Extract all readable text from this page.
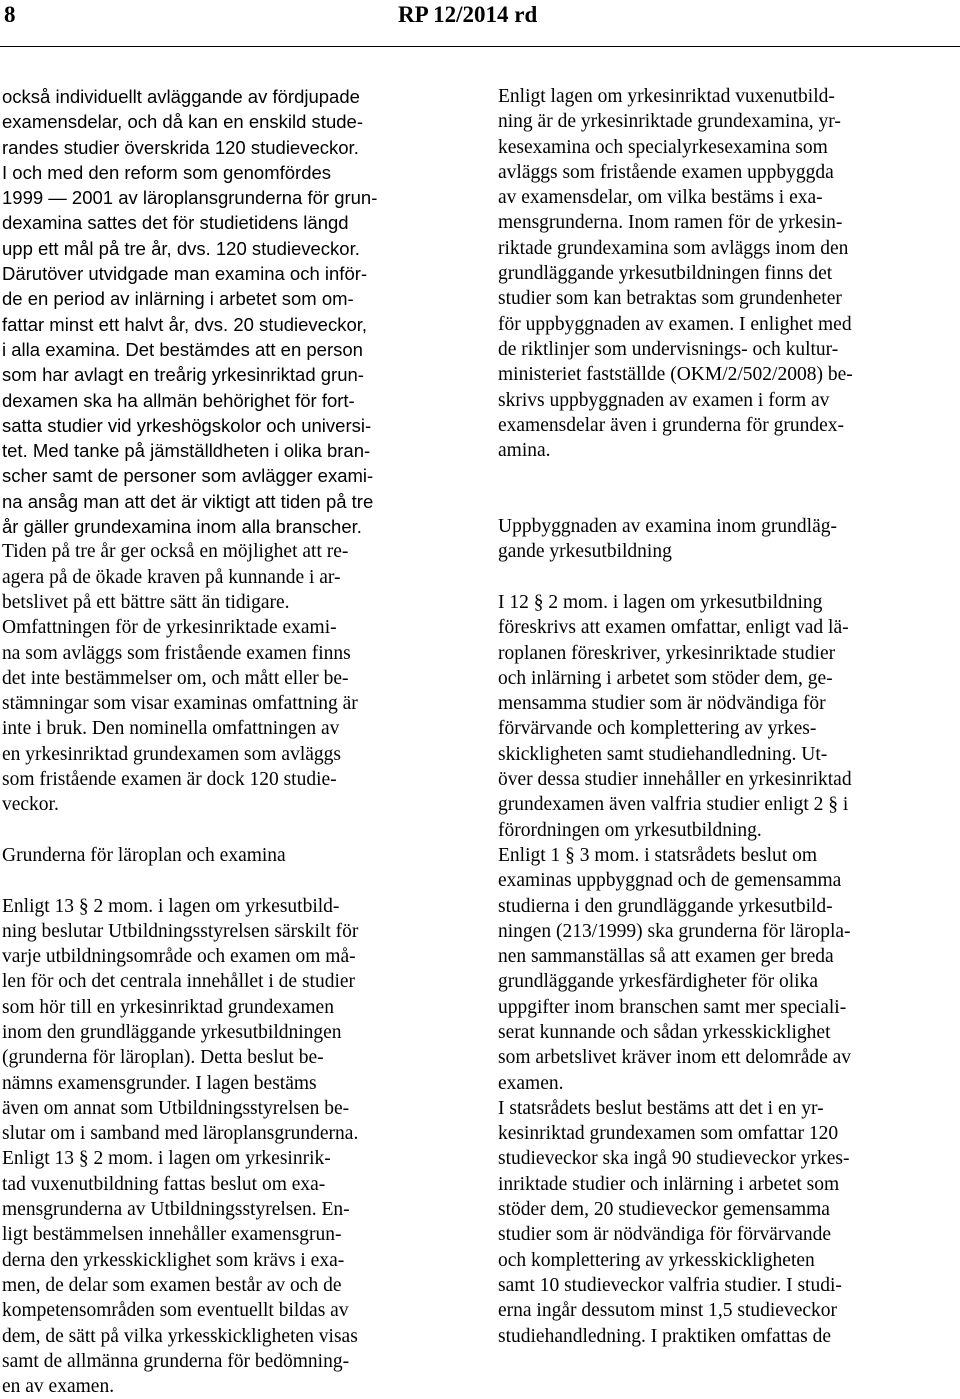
8	RP 12/2014 rd
också individuellt avläggande av fördjupade
examensdelar, och då kan en enskild stude-
randes studier överskrida 120 studieveckor.
I och med den reform som genomfördes
1999 — 2001 av läroplansgrunderna för grun-
dexamina sattes det för studietidens längd
upp ett mål på tre år, dvs. 120 studieveckor.
Därutöver utvidgade man examina och inför-
de en period av inlärning i arbetet som om-
fattar minst ett halvt år, dvs. 20 studieveckor,
i alla examina. Det bestämdes att en person
som har avlagt en treårig yrkesinriktad grun-
dexamen ska ha allmän behörighet för fort-
satta studier vid yrkeshögskolor och universi-
tet. Med tanke på jämställdheten i olika bran-
scher samt de personer som avlägger exami-
na ansåg man att det är viktigt att tiden på tre
år gäller grundexamina inom alla branscher.
Tiden på tre år ger också en möjlighet att re-
agera på de ökade kraven på kunnande i ar-
betslivet på ett bättre sätt än tidigare.
Omfattningen för de yrkesinriktade exami-
na som avläggs som fristående examen finns
det inte bestämmelser om, och mått eller be-
stämningar som visar examinas omfattning är
inte i bruk. Den nominella omfattningen av
en yrkesinriktad grundexamen som avläggs
som fristående examen är dock 120 studie-
veckor.

Grunderna för läroplan och examina

Enligt 13 § 2 mom. i lagen om yrkesutbild-
ning beslutar Utbildningsstyrelsen särskilt för
varje utbildningsområde och examen om må-
len för och det centrala innehållet i de studier
som hör till en yrkesinriktad grundexamen
inom den grundläggande yrkesutbildningen
(grunderna för läroplan). Detta beslut be-
nämns examensgrunder. I lagen bestäms
även om annat som Utbildningsstyrelsen be-
slutar om i samband med läroplansgrunderna.
Enligt 13 § 2 mom. i lagen om yrkesinrik-
tad vuxenutbildning fattas beslut om exa-
mensgrunderna av Utbildningsstyrelsen. En-
ligt bestämmelsen innehåller examensgrun-
derna den yrkesskicklighet som krävs i exa-
men, de delar som examen består av och de
kompetensområden som eventuellt bildas av
dem, de sätt på vilka yrkesskickligheten visas
samt de allmänna grunderna för bedömning-
en av examen.
Enligt lagen om yrkesinriktad vuxenutbild-
ning är de yrkesinriktade grundexamina, yr-
kesexamina och specialyrkesexamina som
avläggs som fristående examen uppbyggda
av examensdelar, om vilka bestäms i exa-
mensgrunderna. Inom ramen för de yrkesin-
riktade grundexamina som avläggs inom den
grundläggande yrkesutbildningen finns det
studier som kan betraktas som grundenheter
för uppbyggnaden av examen. I enlighet med
de riktlinjer som undervisnings- och kultur-
ministeriet fastställde (OKM/2/502/2008) be-
skrivs uppbyggnaden av examen i form av
examensdelar även i grunderna för grundex-
amina.

Uppbyggnaden av examina inom grundläg-
gande yrkesutbildning

I 12 § 2 mom. i lagen om yrkesutbildning
föreskrivs att examen omfattar, enligt vad lä-
roplanen föreskriver, yrkesinriktade studier
och inlärning i arbetet som stöder dem, ge-
mensamma studier som är nödvändiga för
förvärvande och komplettering av yrkes-
skickligheten samt studiehandledning. Ut-
över dessa studier innehåller en yrkesinriktad
grundexamen även valfria studier enligt 2 § i
förordningen om yrkesutbildning.
Enligt 1 § 3 mom. i statsrådets beslut om
examinas uppbyggnad och de gemensamma
studierna i den grundläggande yrkesutbild-
ningen (213/1999) ska grunderna för läropla-
nen sammanställas så att examen ger breda
grundläggande yrkesfärdigheter för olika
uppgifter inom branschen samt mer speciali-
serat kunnande och sådan yrkesskicklighet
som arbetslivet kräver inom ett delområde av
examen.
I statsrådets beslut bestäms att det i en yr-
kesinriktad grundexamen som omfattar 120
studieveckor ska ingå 90 studieveckor yrkes-
inriktade studier och inlärning i arbetet som
stöder dem, 20 studieveckor gemensamma
studier som är nödvändiga för förvärvande
och komplettering av yrkesskickligheten
samt 10 studieveckor valfria studier. I studi-
erna ingår dessutom minst 1,5 studieveckor
studiehandledning. I praktiken omfattas de
